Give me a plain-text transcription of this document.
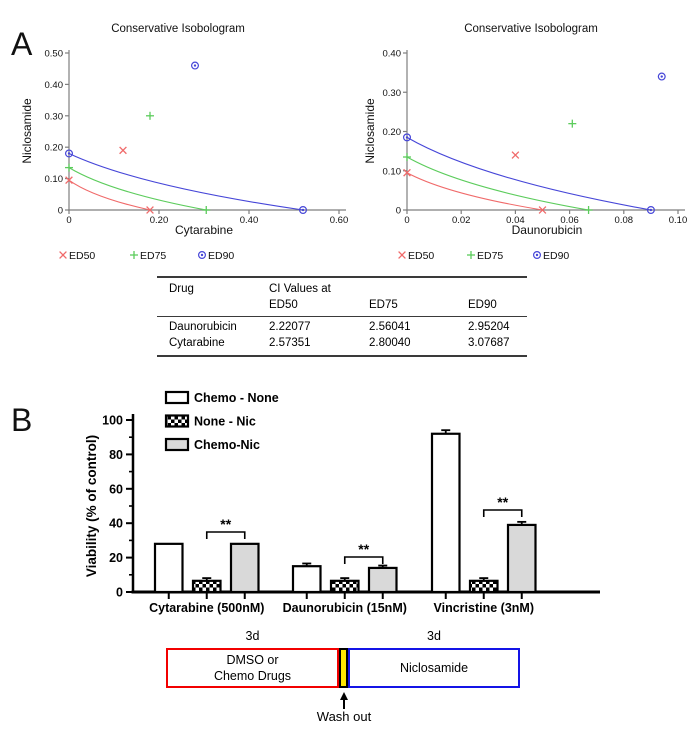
A
0
0.10
0.20
0.30
0.40
0.50
0	0.20	0.40	0.60
Conservative Isobologram
Cytarabine
Niclosamide
ED50	ED75	ED90
0
0.10
0.20
0.30
0.40
0	0.02	0.04	0.06	0.08	0.10
Conservative Isobologram
Daunorubicin
Niclosamide
ED50	ED75	ED90
Drug	CI Values at
ED50	ED75	ED90
Daunorubicin	2.22077	2.56041	2.95204
Cytarabine	2.57351	2.80040	3.07687
B
0
20
40
60
80
100
Viability (% of control)
Cytarabine (500nM) Daunorubicin (15nM) Vincristine (3nM)
**
**
**
Chemo - None
None - Nic
Chemo-Nic
3d	3d
DMSO or
Chemo Drugs
Niclosamide
Wash out
